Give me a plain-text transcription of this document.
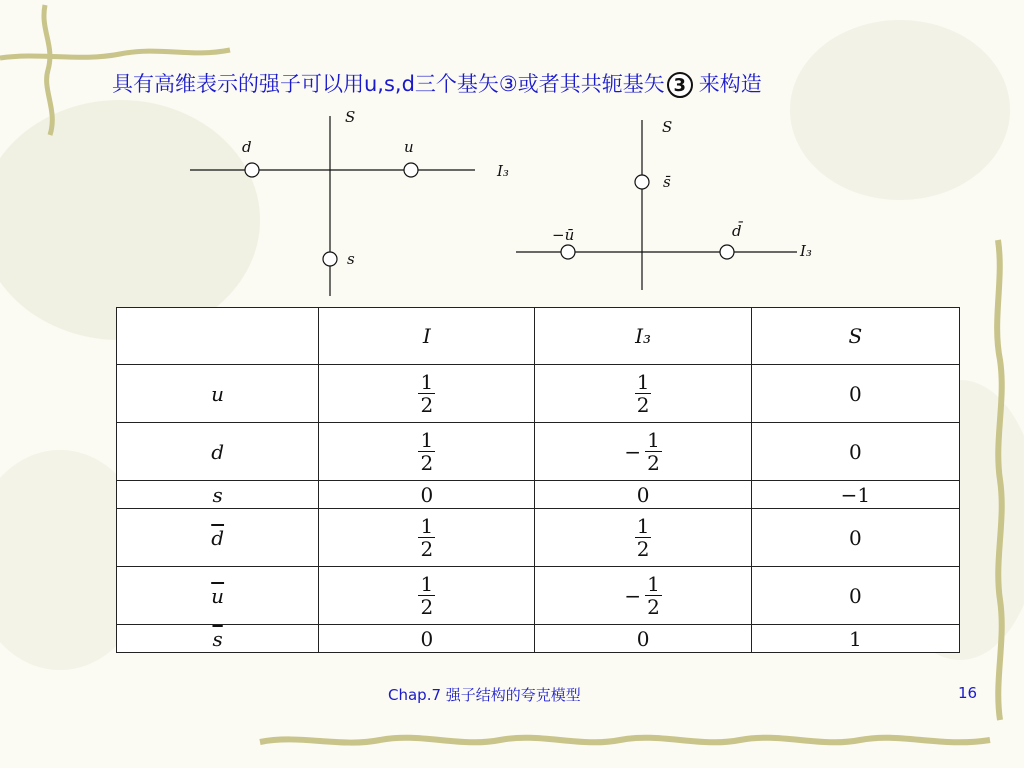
具有高维表示的强子可以用u,s,d三个基矢③或者其共轭基矢 3 来构造
S
I₃
d	u
s
S
I₃
s̄
−ū	d̄
	I	I₃	S
u	$\frac{1}{2}$	$\frac{1}{2}$	0
d	$\frac{1}{2}$	− $\frac{1}{2}$	0
s	0	0	−1
$\overline{d}$	$\frac{1}{2}$	$\frac{1}{2}$	0
$\overline{u}$	$\frac{1}{2}$	− $\frac{1}{2}$	0
$\overline{s}$	0	0	1
Chap.7 强子结构的夸克模型	16
